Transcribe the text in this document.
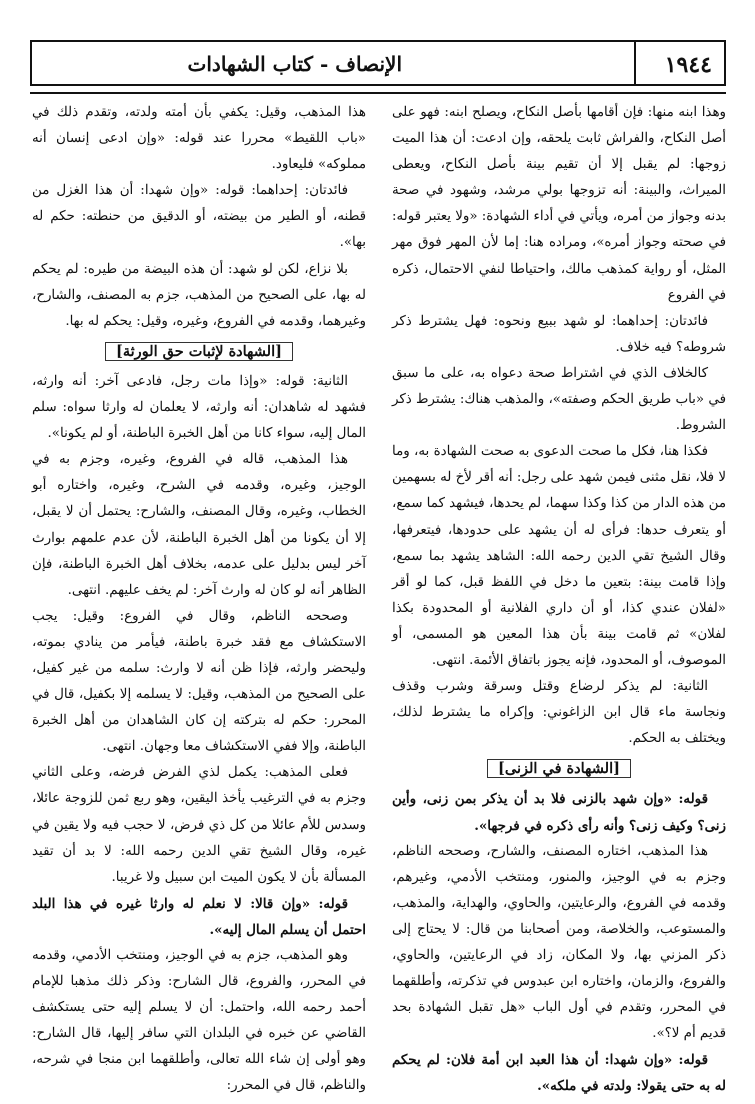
الإنصاف - كتاب الشهادات	١٩٤٤

وهذا ابنه منها: فإن أقامها بأصل النكاح، ويصلح ابنه: فهو على أصل النكاح، والفراش ثابت يلحقه، وإن ادعت: أن هذا الميت زوجها: لم يقبل إلا أن تقيم بينة بأصل النكاح، ويعطى الميراث، والبينة: أنه تزوجها بولي مرشد، وشهود في صحة بدنه وجواز من أمره، ويأتي في أداء الشهادة: «ولا يعتبر قوله: في صحته وجواز أمره»، ومراده هنا: إما لأن المهر فوق مهر المثل، أو رواية كمذهب مالك، واحتياطا لنفي الاحتمال، ذكره في الفروع

فائدتان: إحداهما: لو شهد ببيع ونحوه: فهل يشترط ذكر شروطه؟ فيه خلاف.

كالخلاف الذي في اشتراط صحة دعواه به، على ما سبق في «باب طريق الحكم وصفته»، والمذهب هناك: يشترط ذكر الشروط.

فكذا هنا، فكل ما صحت الدعوى به صحت الشهادة به، وما لا فلا، نقل مثنى فيمن شهد على رجل: أنه أقر لأخ له بسهمين من هذه الدار من كذا وكذا سهما، لم يحدها، فيشهد كما سمع، أو يتعرف حدها: فرأى له أن يشهد على حدودها، فيتعرفها، وقال الشيخ تقي الدين رحمه الله: الشاهد يشهد بما سمع، وإذا قامت بينة: بتعين ما دخل في اللفظ قبل، كما لو أقر «لفلان عندي كذا، أو أن داري الفلانية أو المحدودة بكذا لفلان» ثم قامت بينة بأن هذا المعين هو المسمى، أو الموصوف، أو المحدود، فإنه يجوز باتفاق الأئمة. انتهى.

الثانية: لم يذكر لرضاع وقتل وسرقة وشرب وقذف ونجاسة ماء قال ابن الزاغوني: وإكراه ما يشترط لذلك، ويختلف به الحكم.

[الشهادة في الزنى]

قوله: «وإن شهد بالزنى فلا بد أن يذكر بمن زنى، وأين زنى؟ وكيف زنى؟ وأنه رأى ذكره في فرجها».

هذا المذهب، اختاره المصنف، والشارح، وصححه الناظم، وجزم به في الوجيز، والمنور، ومنتخب الأدمي، وغيرهم، وقدمه في الفروع، والرعايتين، والحاوي، والهداية، والمذهب، والمستوعب، والخلاصة، ومن أصحابنا من قال: لا يحتاج إلى ذكر المزني بها، ولا المكان، زاد في الرعايتين، والحاوي، والفروع، والزمان، واختاره ابن عبدوس في تذكرته، وأطلقهما في المحرر، وتقدم في أول الباب «هل تقبل الشهادة بحد قديم أم لا؟».

قوله: «وإن شهدا: أن هذا العبد ابن أمة فلان: لم يحكم له به حتى يقولا: ولدته في ملكه».

هذا المذهب، وقيل: يكفي بأن أمته ولدته، وتقدم ذلك في «باب اللقيط» محررا عند قوله: «وإن ادعى إنسان أنه مملوكه» فليعاود.

فائدتان: إحداهما: قوله: «وإن شهدا: أن هذا الغزل من قطنه، أو الطير من بيضته، أو الدقيق من حنطته: حكم له بها».

بلا نزاع، لكن لو شهد: أن هذه البيضة من طيره: لم يحكم له بها، على الصحيح من المذهب، جزم به المصنف، والشارح، وغيرهما، وقدمه في الفروع، وغيره، وقيل: يحكم له بها.

[الشهادة لإثبات حق الورثة]

الثانية: قوله: «وإذا مات رجل، فادعى آخر: أنه وارثه، فشهد له شاهدان: أنه وارثه، لا يعلمان له وارثا سواه: سلم المال إليه، سواء كانا من أهل الخبرة الباطنة، أو لم يكونا».

هذا المذهب، قاله في الفروع، وغيره، وجزم به في الوجيز، وغيره، وقدمه في الشرح، وغيره، واختاره أبو الخطاب، وغيره، وقال المصنف، والشارح: يحتمل أن لا يقبل، إلا أن يكونا من أهل الخبرة الباطنة، لأن عدم علمهم بوارث آخر ليس بدليل على عدمه، بخلاف أهل الخبرة الباطنة، فإن الظاهر أنه لو كان له وارث آخر: لم يخف عليهم. انتهى.

وصححه الناظم، وقال في الفروع: وقيل: يجب الاستكشاف مع فقد خبرة باطنة، فيأمر من ينادي بموته، وليحضر وارثه، فإذا ظن أنه لا وارث: سلمه من غير كفيل، على الصحيح من المذهب، وقيل: لا يسلمه إلا بكفيل، قال في المحرر: حكم له بتركته إن كان الشاهدان من أهل الخبرة الباطنة، وإلا ففي الاستكشاف معا وجهان. انتهى.

فعلى المذهب: يكمل لذي الفرض فرضه، وعلى الثاني وجزم به في الترغيب يأخذ اليقين، وهو ربع ثمن للزوجة عائلا، وسدس للأم عائلا من كل ذي فرض، لا حجب فيه ولا يقين في غيره، وقال الشيخ تقي الدين رحمه الله: لا بد أن تقيد المسألة بأن لا يكون الميت ابن سبيل ولا غريبا.

قوله: «وإن قالا: لا نعلم له وارثا غيره في هذا البلد احتمل أن يسلم المال إليه».

وهو المذهب، جزم به في الوجيز، ومنتخب الأدمي، وقدمه في المحرر، والفروع، قال الشارح: وذكر ذلك مذهبا للإمام أحمد رحمه الله، واحتمل: أن لا يسلم إليه حتى يستكشف القاضي عن خبره في البلدان التي سافر إليها، قال الشارح: وهو أولى إن شاء الله تعالى، وأطلقهما ابن منجا في شرحه، والناظم، قال في المحرر:
